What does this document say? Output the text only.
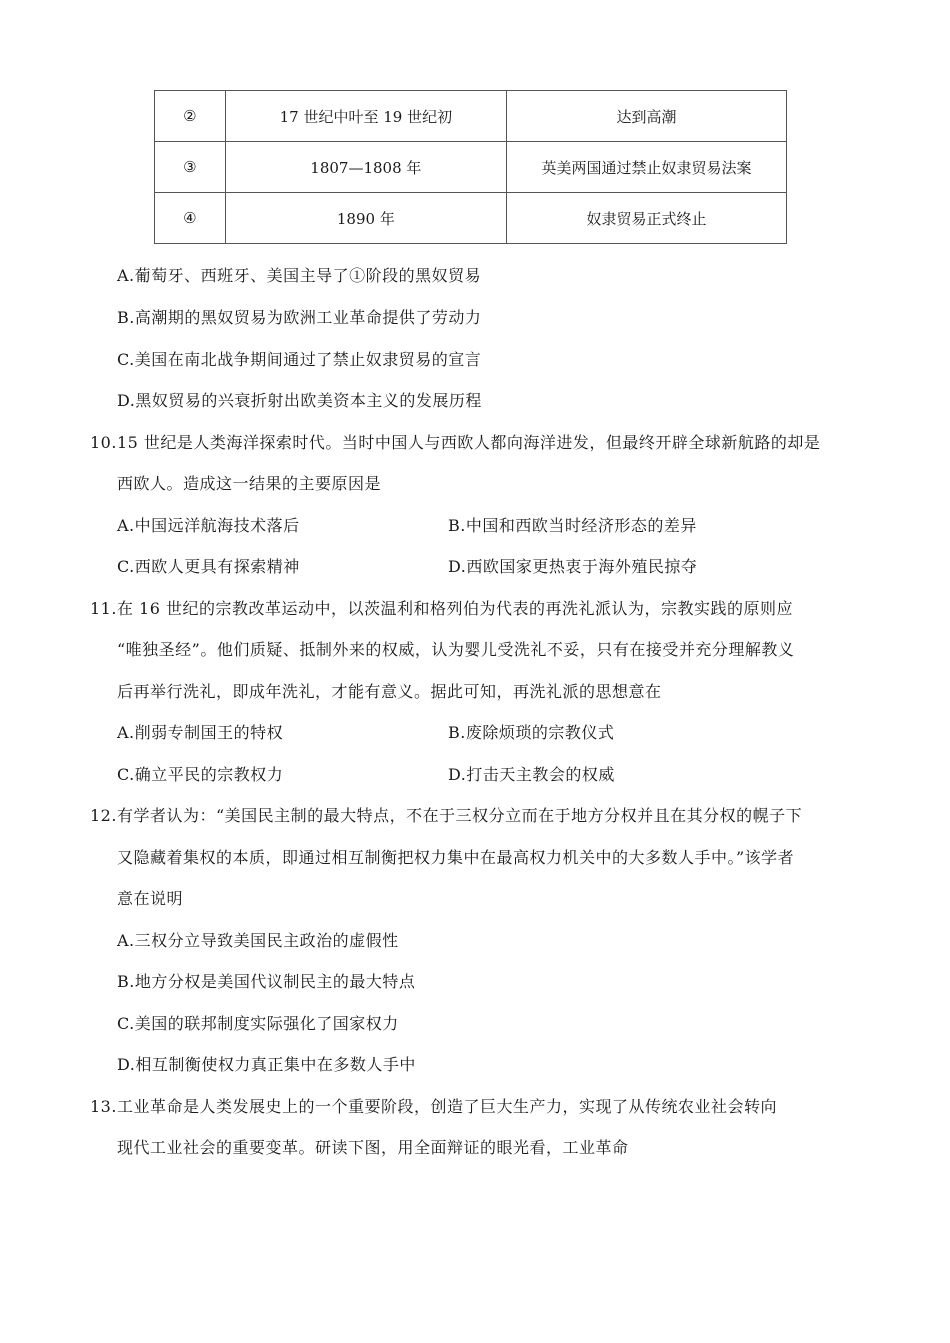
②	17 世纪中叶至 19 世纪初	达到高潮
③	1807—1808 年	英美两国通过禁止奴隶贸易法案
④	1890 年	奴隶贸易正式终止
A.葡萄牙、西班牙、美国主导了①阶段的黑奴贸易
B.高潮期的黑奴贸易为欧洲工业革命提供了劳动力
C.美国在南北战争期间通过了禁止奴隶贸易的宣言
D.黑奴贸易的兴衰折射出欧美资本主义的发展历程
10.15 世纪是人类海洋探索时代。当时中国人与西欧人都向海洋进发，但最终开辟全球新航路的却是
西欧人。造成这一结果的主要原因是
A.中国远洋航海技术落后	B.中国和西欧当时经济形态的差异
C.西欧人更具有探索精神	D.西欧国家更热衷于海外殖民掠夺
11.在 16 世纪的宗教改革运动中，以茨温利和格列伯为代表的再洗礼派认为，宗教实践的原则应
“唯独圣经”。他们质疑、抵制外来的权威，认为婴儿受洗礼不妥，只有在接受并充分理解教义
后再举行洗礼，即成年洗礼，才能有意义。据此可知，再洗礼派的思想意在
A.削弱专制国王的特权	B.废除烦琐的宗教仪式
C.确立平民的宗教权力	D.打击天主教会的权威
12.有学者认为：“美国民主制的最大特点，不在于三权分立而在于地方分权并且在其分权的幌子下
又隐藏着集权的本质，即通过相互制衡把权力集中在最高权力机关中的大多数人手中。”该学者
意在说明
A.三权分立导致美国民主政治的虚假性
B.地方分权是美国代议制民主的最大特点
C.美国的联邦制度实际强化了国家权力
D.相互制衡使权力真正集中在多数人手中
13.工业革命是人类发展史上的一个重要阶段，创造了巨大生产力，实现了从传统农业社会转向
现代工业社会的重要变革。研读下图，用全面辩证的眼光看，工业革命
